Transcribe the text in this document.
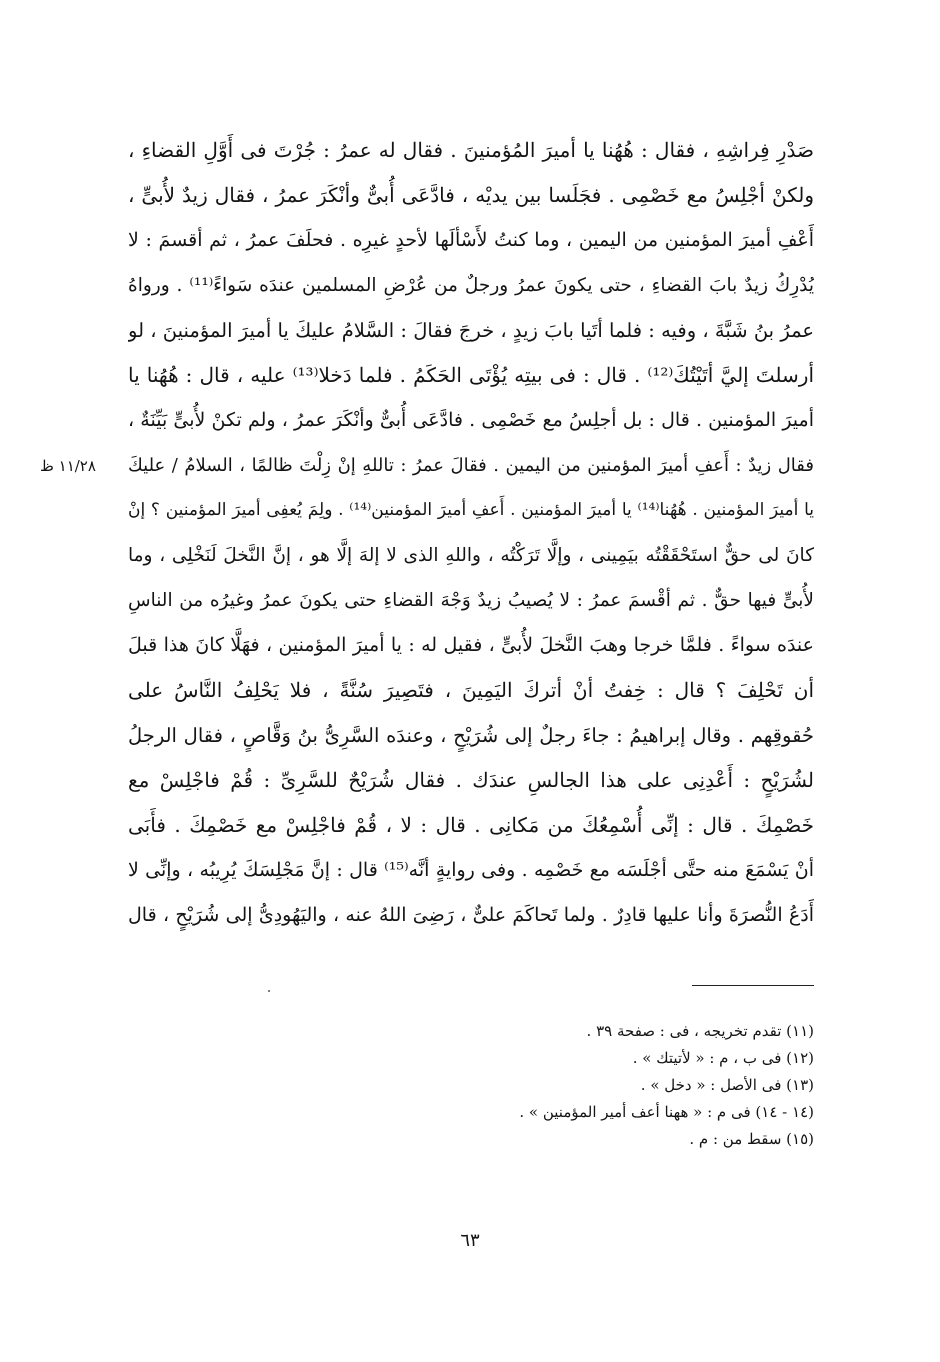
صَدْرِ فِراشِهِ ، فقال : هُهُنا يا أميرَ المُؤمنينَ . فقال له عمرُ : جُرْتَ فى أَوَّلِ القضاءِ ،
ولكنْ أجْلِسُ مع خَصْمِى . فجَلَسا بين يديْه ، فادَّعَى أُبىٌّ وأنْكَرَ عمرُ ، فقال زيدٌ لأُبىٍّ ،
أَعْفِ أميرَ المؤمنين من اليمين ، وما كنتُ لأَسْألَها لأحدٍ غيرِه . فحلَفَ عمرُ ، ثم أقسمَ : لا
يُدْرِكُ زيدٌ بابَ القضاءِ ، حتى يكونَ عمرُ ورجلٌ من عُرْضِ المسلمين عندَه سَواءً⁽¹¹⁾ . ورواهُ
عمرُ بنُ شَبَّةَ ، وفيه : فلما أتَيا بابَ زيدٍ ، خرجَ فقالَ : السَّلامُ عليكَ يا أميرَ المؤمنينَ ، لو
أرسلتَ إليَّ أتَيْتُكَ⁽¹²⁾ . قال : فى بيتِه يُؤْتَى الحَكَمُ . فلما دَخلا⁽¹³⁾ عليه ، قال : هُهُنا يا
أميرَ المؤمنين . قال : بل أجلِسُ مع خَصْمِى . فادَّعَى أُبىٌّ وأنْكَرَ عمرُ ، ولم تكنْ لأُبىٍّ بَيِّنَةٌ ،
فقال زيدٌ : أَعفِ أميرَ المؤمنين من اليمين . فقالَ عمرُ : تاللهِ إنْ زِلْتَ ظالمًا ، السلامُ / عليكَ
يا أميرَ المؤمنين . هُهُنا⁽¹⁴⁾ يا أميرَ المؤمنين . أَعفِ أميرَ المؤمنين⁽¹⁴⁾ . ولِمَ يُعفِى أميرَ المؤمنين ؟ إنْ
كانَ لى حقٌّ استَحْقَقْتُه بيَمِينى ، وإلَّا تَرَكْتُه ، واللهِ الذى لا إلهَ إلَّا هو ، إنَّ النَّخلَ لَنَخْلِى ، وما
لأُبىٍّ فيها حقٌّ . ثم أقْسمَ عمرُ : لا يُصيبُ زيدٌ وَجْهَ القضاءِ حتى يكونَ عمرُ وغيرُه من الناسِ
عندَه سواءً . فلمَّا خرجا وهبَ النَّخلَ لأُبىٍّ ، فقيل له : يا أميرَ المؤمنين ، فهَلَّا كانَ هذا قبلَ
أن تَحْلِفَ ؟ قال : خِفتُ أنْ أتركَ اليَمِينَ ، فتَصِيرَ سُنَّةً ، فلا يَحْلِفُ النَّاسُ على
حُقوقِهم . وقال إبراهيمُ : جاءَ رجلٌ إلى شُرَيْحٍ ، وعندَه السَّرِىُّ بنُ وَقَّاصٍ ، فقال الرجلُ
لشُرَيْحٍ : أَعْدِنِى على هذا الجالسِ عندَك . فقال شُرَيْحٌ للسَّرِىِّ : قُمْ فاجْلِسْ مع
خَصْمِكَ . قال : إنِّى أُسْمِعُكَ من مَكانِى . قال : لا ، قُمْ فاجْلِسْ مع خَصْمِكَ . فأَبَى
أنْ يَسْمَعَ منه حتَّى أجْلَسَه مع خَصْمِه . وفى روايةٍ أنَّه⁽¹⁵⁾ قال : إنَّ مَجْلِسَكَ يُرِيبُه ، وإنِّى لا
أَدَعُ النُّصرَةَ وأنا عليها قادِرٌ . ولما تَحاكَمَ علىٌّ ، رَضِىَ اللهُ عنه ، واليَهُودِىُّ إلى شُرَيْحٍ ، قال
١١/٢٨ ظ
(١١) تقدم تخريجه ، فى : صفحة ٣٩ .
(١٢) فى ب ، م : « لأتيتك » .
(١٣) فى الأصل : « دخل » .
(١٤ - ١٤) فى م : « ههنا أعف أمير المؤمنين » .
(١٥) سقط من : م .
٦٣
